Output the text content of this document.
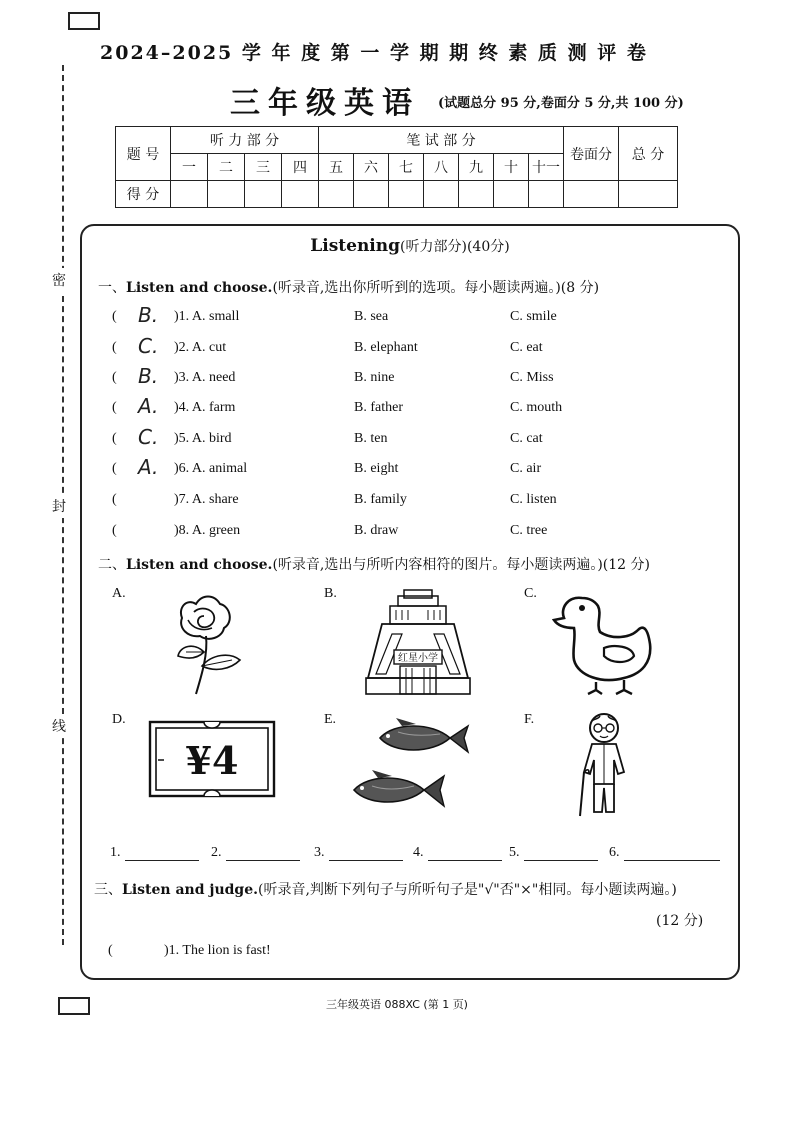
密
封
线
2024–2025 学 年 度 第 一 学 期 期 终 素 质 测 评 卷
三年级英语 (试题总分 95 分,卷面分 5 分,共 100 分)
题 号	听 力 部 分				笔 试 部 分							卷面分	总 分
	一	二	三	四	五	六	七	八	九	十	十一		
得 分													
Listening(听力部分)(40分)
一、Listen and choose.(听录音,选出你所听到的选项。每小题读两遍。)(8 分)
( B. )1. A. small	B. sea	C. smile
( C. )2. A. cut	B. elephant	C. eat
( B. )3. A. need	B. nine	C. Miss
( A. )4. A. farm	B. father	C. mouth
( C. )5. A. bird	B. ten	C. cat
( A. )6. A. animal	B. eight	C. air
(	)7. A. share	B. family	C. listen
(	)8. A. green	B. draw	C. tree
二、Listen and choose.(听录音,选出与所听内容相符的图片。每小题读两遍。)(12 分)
A.	B.	C.
D.	E.	F.
红星小学
¥4
1.	2.	3.	4.	5.	6.
三、Listen and judge.(听录音,判断下列句子与所听句子是"√"否"×"相同。每小题读两遍。)
(12 分)
(	)1. The lion is fast!
三年级英语 088XC (第 1 页)
